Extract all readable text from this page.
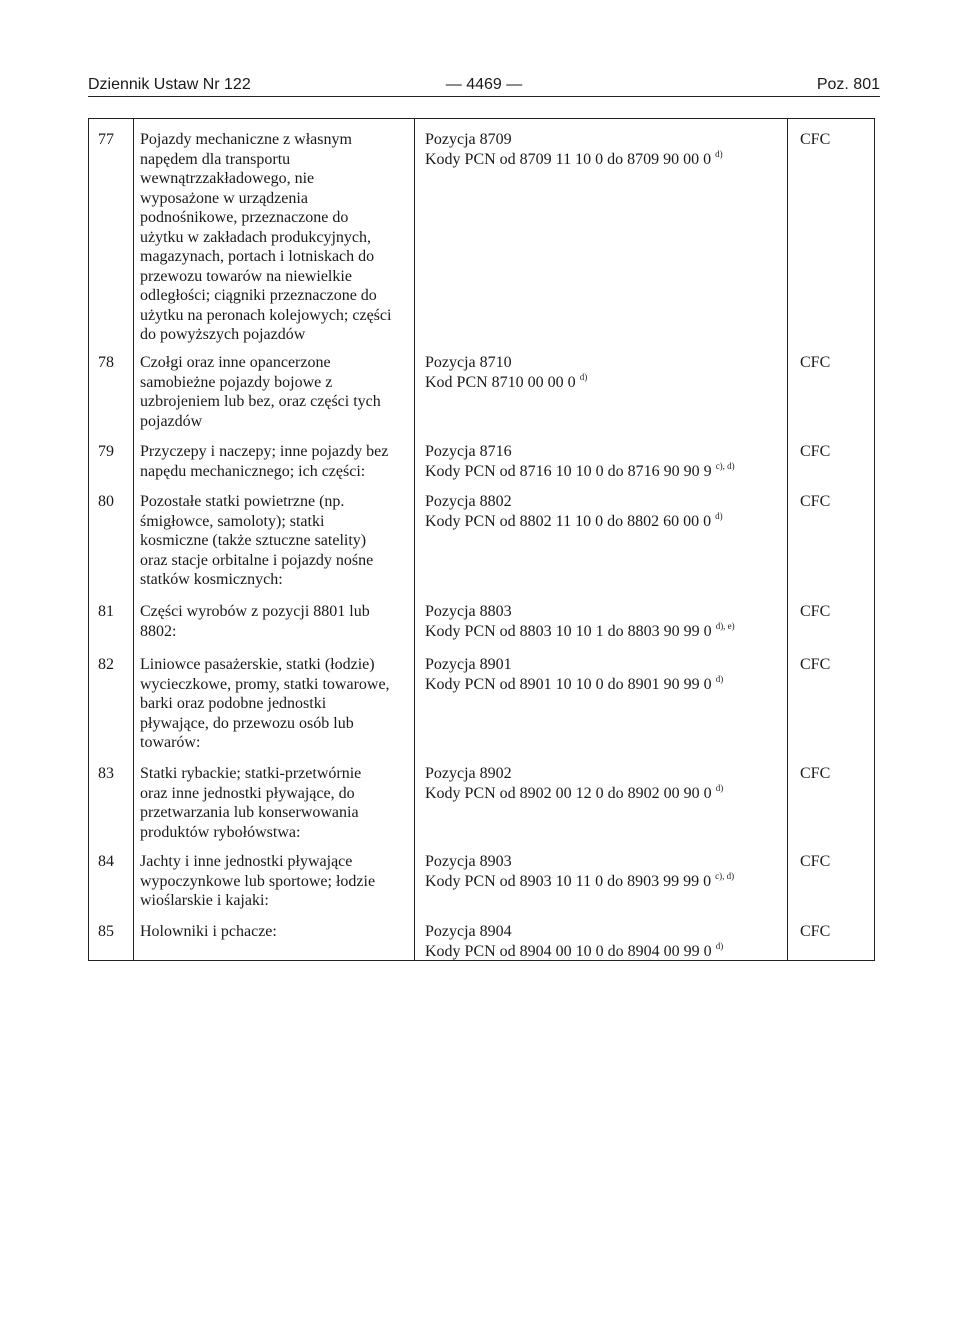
Dziennik Ustaw Nr 122	— 4469 —	Poz. 801
77 Pojazdy mechaniczne z własnym
napędem dla transportu
wewnątrzzakładowego, nie
wyposażone w urządzenia
podnośnikowe, przeznaczone do
użytku w zakładach produkcyjnych,
magazynach, portach i lotniskach do
przewozu towarów na niewielkie
odległości; ciągniki przeznaczone do
użytku na peronach kolejowych; części
do powyższych pojazdów
Pozycja 8709
Kody PCN od 8709 11 10 0 do 8709 90 00 0 $^{d)}$
CFC
78 Czołgi oraz inne opancerzone
samobieżne pojazdy bojowe z
uzbrojeniem lub bez, oraz części tych
pojazdów
Pozycja 8710
Kod PCN 8710 00 00 0 $^{d)}$
CFC
79 Przyczepy i naczepy; inne pojazdy bez
napędu mechanicznego; ich części:
Pozycja 8716
Kody PCN od 8716 10 10 0 do 8716 90 90 9 $^{c), d)}$
CFC
80 Pozostałe statki powietrzne (np.
śmigłowce, samoloty); statki
kosmiczne (także sztuczne satelity)
oraz stacje orbitalne i pojazdy nośne
statków kosmicznych:
Pozycja 8802
Kody PCN od 8802 11 10 0 do 8802 60 00 0 $^{d)}$
CFC
81 Części wyrobów z pozycji 8801 lub
8802:
Pozycja 8803
Kody PCN od 8803 10 10 1 do 8803 90 99 0 $^{d), e)}$
CFC
82 Liniowce pasażerskie, statki (łodzie)
wycieczkowe, promy, statki towarowe,
barki oraz podobne jednostki
pływające, do przewozu osób lub
towarów:
Pozycja 8901
Kody PCN od 8901 10 10 0 do 8901 90 99 0 $^{d)}$
CFC
83 Statki rybackie; statki-przetwórnie
oraz inne jednostki pływające, do
przetwarzania lub konserwowania
produktów rybołówstwa:
Pozycja 8902
Kody PCN od 8902 00 12 0 do 8902 00 90 0 $^{d)}$
CFC
84 Jachty i inne jednostki pływające
wypoczynkowe lub sportowe; łodzie
wioślarskie i kajaki:
Pozycja 8903
Kody PCN od 8903 10 11 0 do 8903 99 99 0 $^{c), d)}$
CFC
85 Holowniki i pchacze:	Pozycja 8904
Kody PCN od 8904 00 10 0 do 8904 00 99 0 $^{d)}$
CFC
